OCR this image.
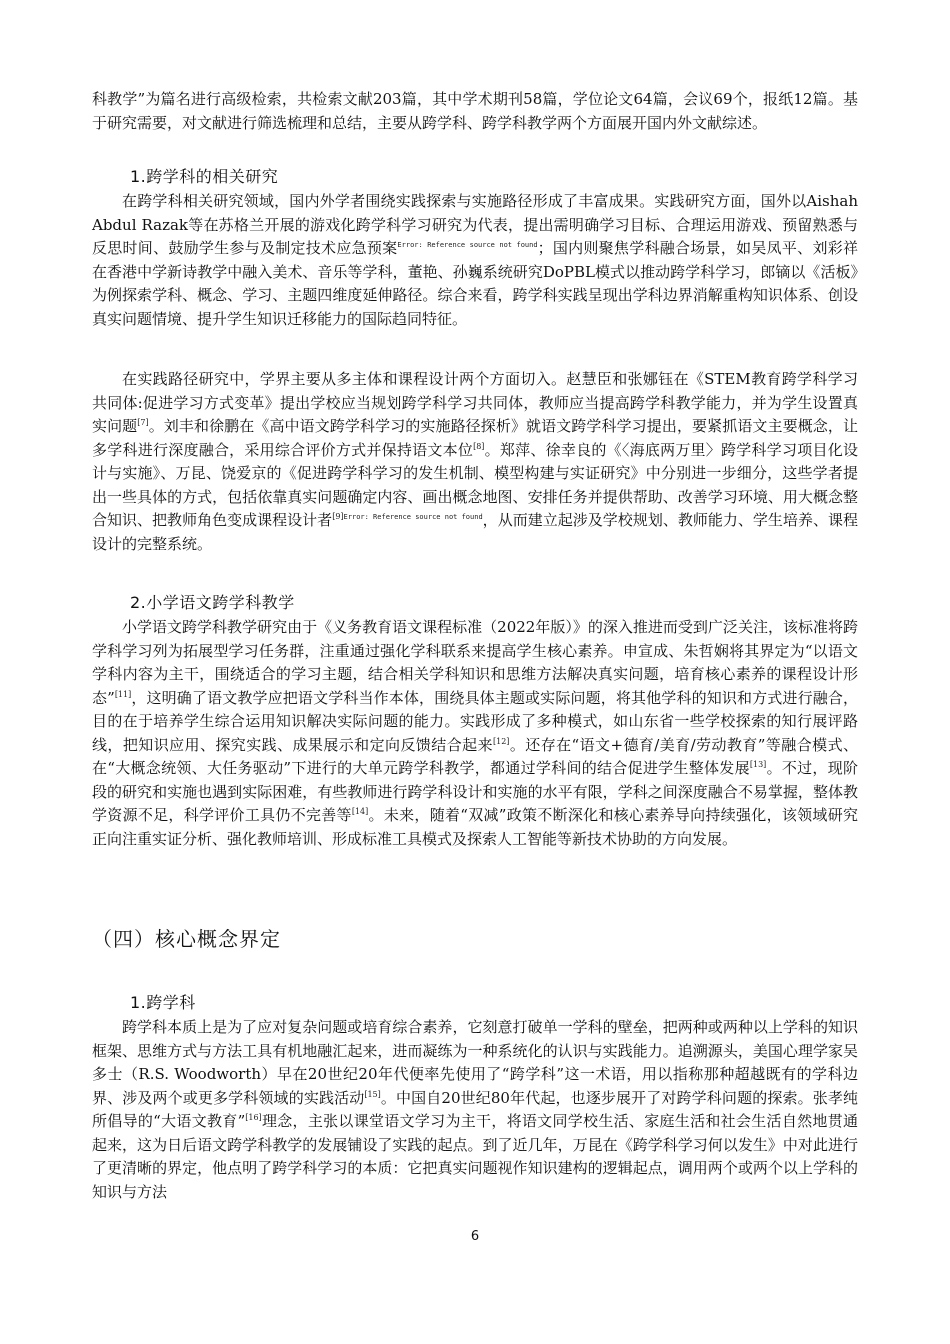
科教学”为篇名进行高级检索，共检索文献203篇，其中学术期刊58篇，学位论文64篇，会议69个，报纸12篇。基于研究需要，对文献进行筛选梳理和总结，主要从跨学科、跨学科教学两个方面展开国内外文献综述。

1.跨学科的相关研究

在跨学科相关研究领域，国内外学者围绕实践探索与实施路径形成了丰富成果。实践研究方面，国外以Aishah Abdul Razak等在苏格兰开展的游戏化跨学科学习研究为代表，提出需明确学习目标、合理运用游戏、预留熟悉与反思时间、鼓励学生参与及制定技术应急预案$^{Error: Reference source not found}$；国内则聚焦学科融合场景，如吴凤平、刘彩祥在香港中学新诗教学中融入美术、音乐等学科，董艳、孙巍系统研究DoPBL模式以推动跨学科学习，郎镝以《活板》为例探索学科、概念、学习、主题四维度延伸路径。综合来看，跨学科实践呈现出学科边界消解重构知识体系、创设真实问题情境、提升学生知识迁移能力的国际趋同特征。

在实践路径研究中，学界主要从多主体和课程设计两个方面切入。赵慧臣和张娜钰在《STEM教育跨学科学习共同体:促进学习方式变革》提出学校应当规划跨学科学习共同体，教师应当提高跨学科教学能力，并为学生设置真实问题[7]。刘丰和徐鹏在《高中语文跨学科学习的实施路径探析》就语文跨学科学习提出，要紧抓语文主要概念，让多学科进行深度融合，采用综合评价方式并保持语文本位[8]。郑萍、徐幸良的《〈海底两万里〉跨学科学习项目化设计与实施》、万昆、饶爱京的《促进跨学科学习的发生机制、模型构建与实证研究》中分别进一步细分，这些学者提出一些具体的方式，包括依靠真实问题确定内容、画出概念地图、安排任务并提供帮助、改善学习环境、用大概念整合知识、把教师角色变成课程设计者$^{[9]Error: Reference source not found}$，从而建立起涉及学校规划、教师能力、学生培养、课程设计的完整系统。

2.小学语文跨学科教学

小学语文跨学科教学研究由于《义务教育语文课程标准（2022年版）》的深入推进而受到广泛关注，该标准将跨学科学习列为拓展型学习任务群，注重通过强化学科联系来提高学生核心素养。申宣成、朱哲娴将其界定为“以语文学科内容为主干，围绕适合的学习主题，结合相关学科知识和思维方法解决真实问题，培育核心素养的课程设计形态”[11]，这明确了语文教学应把语文学科当作本体，围绕具体主题或实际问题，将其他学科的知识和方式进行融合，目的在于培养学生综合运用知识解决实际问题的能力。实践形成了多种模式，如山东省一些学校探索的知行展评路线，把知识应用、探究实践、成果展示和定向反馈结合起来[12]。还存在“语文+德育/美育/劳动教育”等融合模式、在“大概念统领、大任务驱动”下进行的大单元跨学科教学，都通过学科间的结合促进学生整体发展[13]。不过，现阶段的研究和实施也遇到实际困难，有些教师进行跨学科设计和实施的水平有限，学科之间深度融合不易掌握，整体教学资源不足，科学评价工具仍不完善等[14]。未来，随着“双减”政策不断深化和核心素养导向持续强化，该领域研究正向注重实证分析、强化教师培训、形成标准工具模式及探索人工智能等新技术协助的方向发展。

（四）核心概念界定
1.跨学科

跨学科本质上是为了应对复杂问题或培育综合素养，它刻意打破单一学科的壁垒，把两种或两种以上学科的知识框架、思维方式与方法工具有机地融汇起来，进而凝练为一种系统化的认识与实践能力。追溯源头，美国心理学家吴多士（R.S. Woodworth）早在20世纪20年代便率先使用了“跨学科”这一术语，用以指称那种超越既有的学科边界、涉及两个或更多学科领域的实践活动[15]。中国自20世纪80年代起，也逐步展开了对跨学科问题的探索。张孝纯所倡导的“大语文教育”[16]理念，主张以课堂语文学习为主干，将语文同学校生活、家庭生活和社会生活自然地贯通起来，这为日后语文跨学科教学的发展铺设了实践的起点。到了近几年，万昆在《跨学科学习何以发生》中对此进行了更清晰的界定，他点明了跨学科学习的本质：它把真实问题视作知识建构的逻辑起点，调用两个或两个以上学科的知识与方法

6
